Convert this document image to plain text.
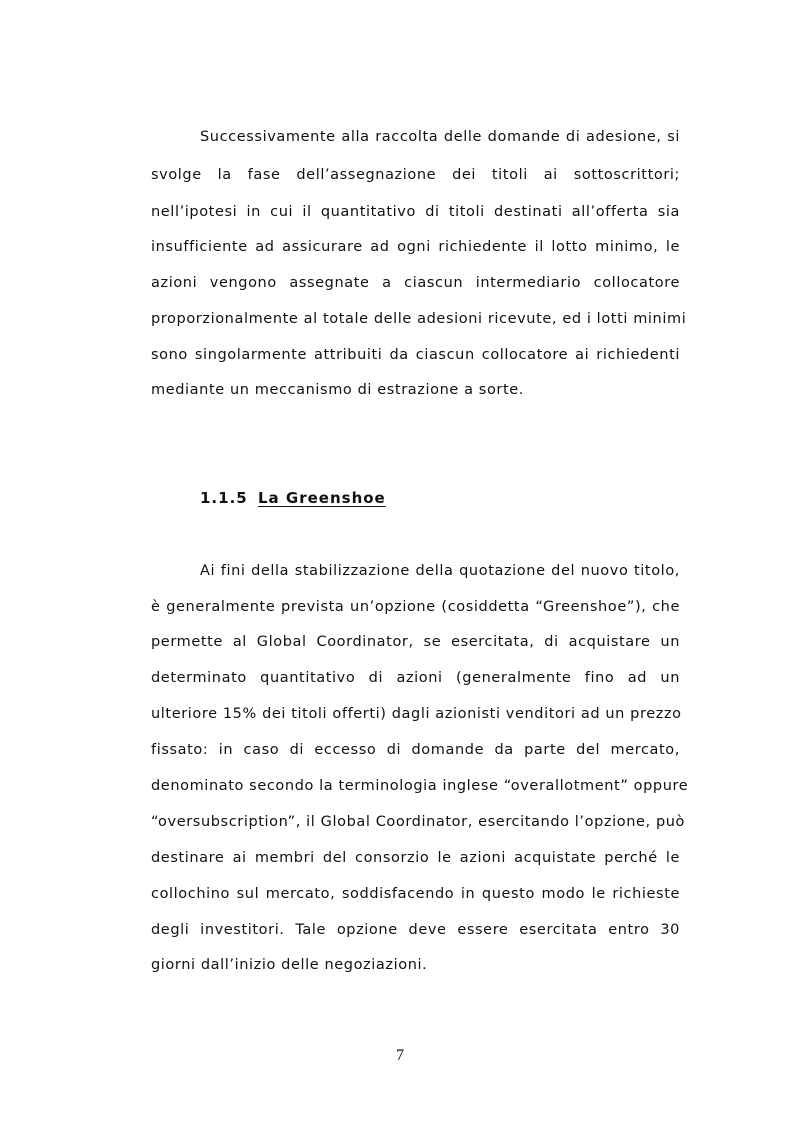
Successivamente alla raccolta delle domande di adesione, si
svolge la fase dell’assegnazione dei titoli ai sottoscrittori;
nell’ipotesi in cui il quantitativo di titoli destinati all’offerta sia
insufficiente ad assicurare ad ogni richiedente il lotto minimo, le
azioni vengono assegnate a ciascun intermediario collocatore
proporzionalmente al totale delle adesioni ricevute, ed i lotti minimi
sono singolarmente attribuiti da ciascun collocatore ai richiedenti
mediante un meccanismo di estrazione a sorte.
1.1.5 La Greenshoe
Ai fini della stabilizzazione della quotazione del nuovo titolo,
è generalmente prevista un’opzione (cosiddetta “Greenshoe”), che
permette al Global Coordinator, se esercitata, di acquistare un
determinato quantitativo di azioni (generalmente fino ad un
ulteriore 15% dei titoli offerti) dagli azionisti venditori ad un prezzo
fissato: in caso di eccesso di domande da parte del mercato,
denominato secondo la terminologia inglese “overallotment” oppure
“oversubscription”, il Global Coordinator, esercitando l’opzione, può
destinare ai membri del consorzio le azioni acquistate perché le
collochino sul mercato, soddisfacendo in questo modo le richieste
degli investitori. Tale opzione deve essere esercitata entro 30
giorni dall’inizio delle negoziazioni.
7
